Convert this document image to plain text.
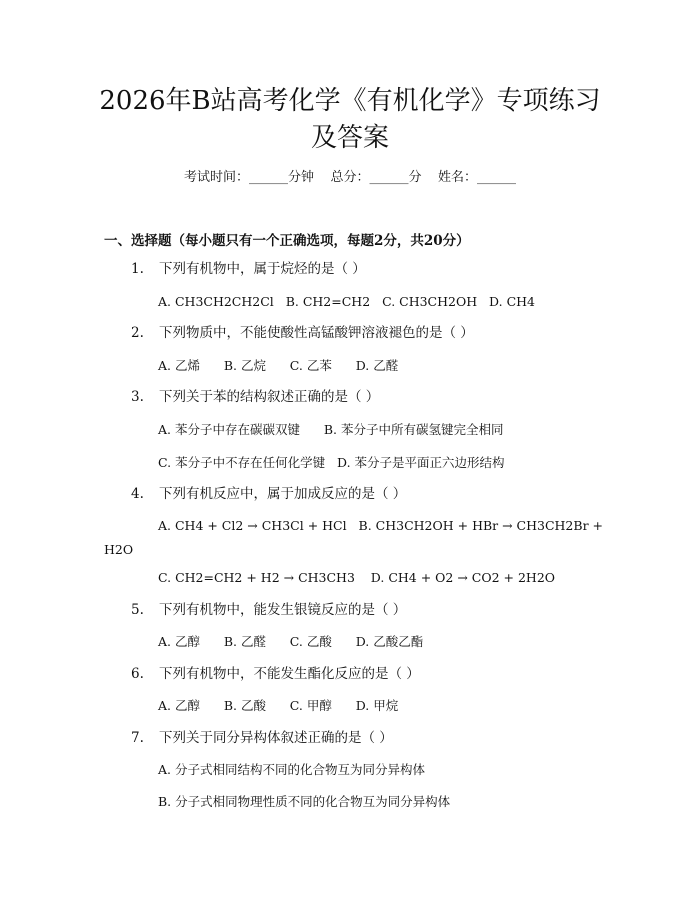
2026年B站高考化学《有机化学》专项练习
及答案
考试时间：______分钟    总分：______分    姓名：______
一、选择题（每小题只有一个正确选项，每题2分，共20分）
1. 下列有机物中，属于烷烃的是（ ）
A. CH3CH2CH2Cl   B. CH2=CH2   C. CH3CH2OH   D. CH4
2. 下列物质中，不能使酸性高锰酸钾溶液褪色的是（ ）
A. 乙烯      B. 乙烷      C. 乙苯      D. 乙醛
3. 下列关于苯的结构叙述正确的是（ ）
A. 苯分子中存在碳碳双键      B. 苯分子中所有碳氢键完全相同
C. 苯分子中不存在任何化学键   D. 苯分子是平面正六边形结构
4. 下列有机反应中，属于加成反应的是（ ）
A. CH4 + Cl2 → CH3Cl + HCl   B. CH3CH2OH + HBr → CH3CH2Br +
H2O
C. CH2=CH2 + H2 → CH3CH3    D. CH4 + O2 → CO2 + 2H2O
5. 下列有机物中，能发生银镜反应的是（ ）
A. 乙醇      B. 乙醛      C. 乙酸      D. 乙酸乙酯
6. 下列有机物中，不能发生酯化反应的是（ ）
A. 乙醇      B. 乙酸      C. 甲醇      D. 甲烷
7. 下列关于同分异构体叙述正确的是（ ）
A. 分子式相同结构不同的化合物互为同分异构体
B. 分子式相同物理性质不同的化合物互为同分异构体
